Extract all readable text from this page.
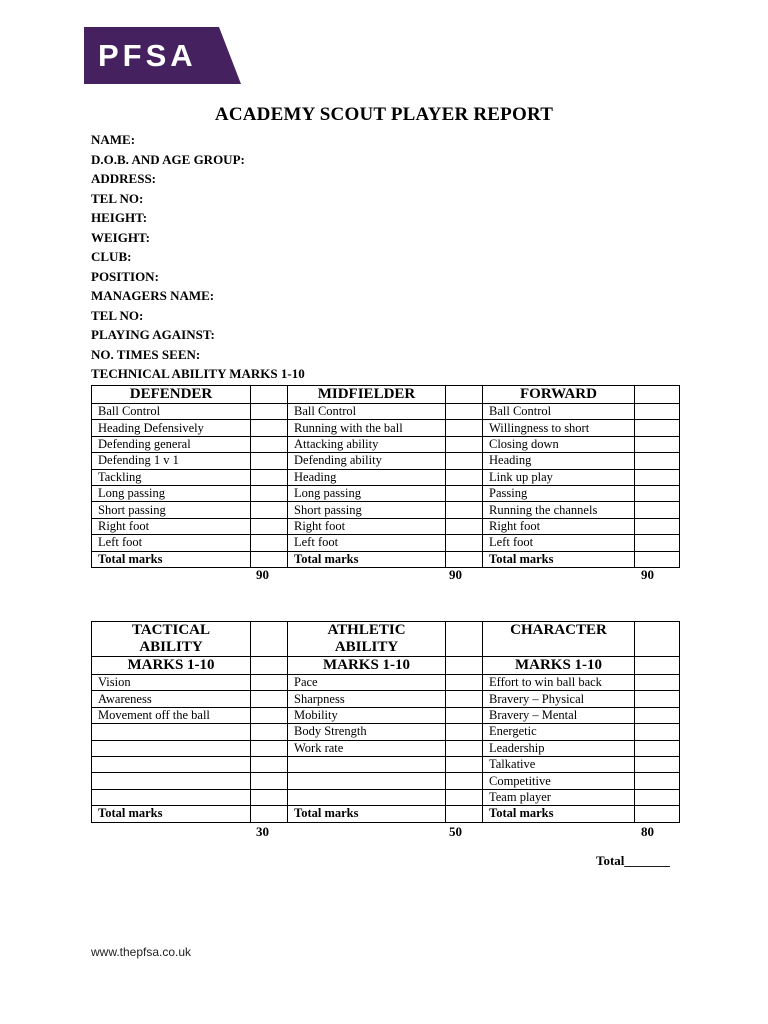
PFSA
ACADEMY SCOUT PLAYER REPORT
NAME:
D.O.B. AND AGE GROUP:
ADDRESS:
TEL NO:
HEIGHT:
WEIGHT:
CLUB:
POSITION:
MANAGERS NAME:
TEL NO:
PLAYING AGAINST:
NO. TIMES SEEN:
TECHNICAL ABILITY MARKS 1-10
DEFENDER		MIDFIELDER		FORWARD	
Ball Control		Ball Control		Ball Control	
Heading Defensively		Running with the ball		Willingness to short	
Defending general		Attacking ability		Closing down	
Defending 1 v 1		Defending ability		Heading	
Tackling		Heading		Link up play	
Long passing		Long passing		Passing	
Short passing		Short passing		Running the channels	
Right foot		Right foot		Right foot	
Left foot		Left foot		Left foot	
Total marks		Total marks		Total marks	
90	90	90
TACTICAL ABILITY		ATHLETIC ABILITY		CHARACTER	
MARKS 1-10		MARKS 1-10		MARKS 1-10	
Vision		Pace		Effort to win ball back	
Awareness		Sharpness		Bravery – Physical	
Movement off the ball		Mobility		Bravery – Mental	
		Body Strength		Energetic	
		Work rate		Leadership	
				Talkative	
				Competitive	
				Team player	
Total marks		Total marks		Total marks	
30	50	80
Total_______
www.thepfsa.co.uk
